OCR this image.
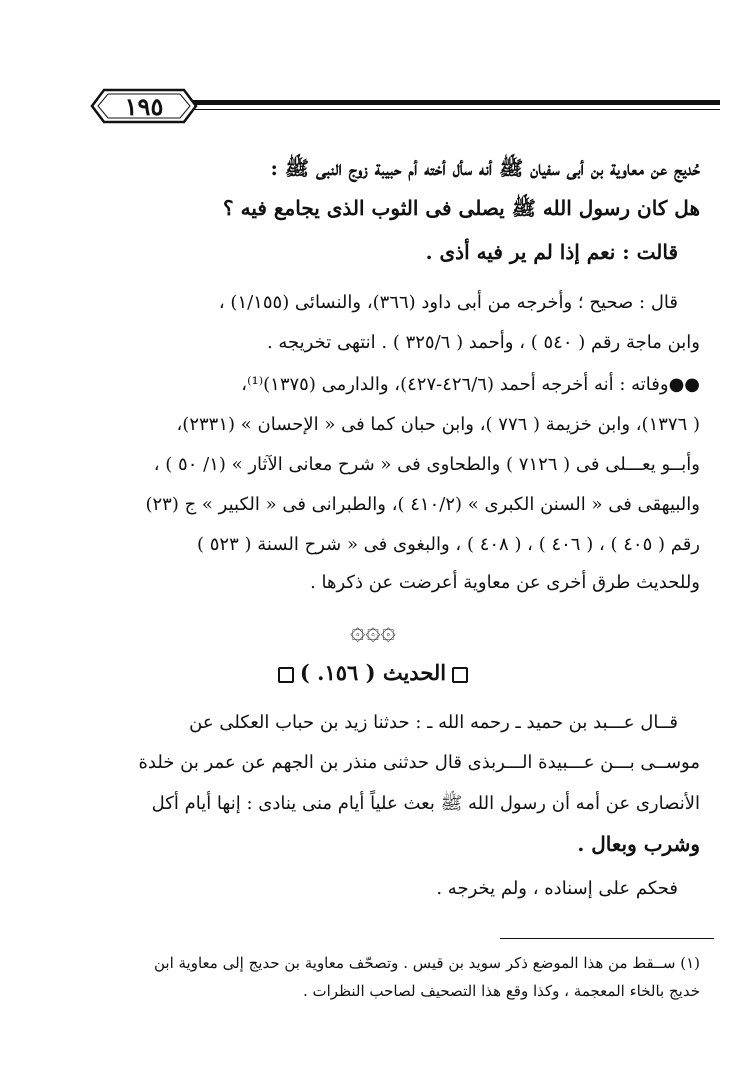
١٩٥
حُديج عن معاوية بن أبى سفيان ﷺ أنه سأل أخته أم حبيبة زوج النبى ﷺ :
هل كان رسول الله ﷺ يصلى فى الثوب الذى يجامع فيه ؟
قالت : نعم إذا لم ير فيه أذى .
قال : صحيح ؛ وأخرجه من أبى داود (٣٦٦)، والنسائى (١/١٥٥) ،
وابن ماجة رقم ( ٥٤٠ ) ، وأحمد ( ٣٢٥/٦ ) . انتهى تخريجه .
●●وفاته : أنه أخرجه أحمد (٤٢٦/٦-٤٢٧)، والدارمى (١٣٧٥)⁽¹⁾،
( ١٣٧٦)، وابن خزيمة ( ٧٧٦ )، وابن حبان كما فى « الإحسان » (٢٣٣١)،
وأبــو يعـــلى فى ( ٧١٢٦ ) والطحاوى فى « شرح معانى الآثار » (١/ ٥٠ ) ،
والبيهقى فى « السنن الكبرى » (٤١٠/٢ )، والطبرانى فى « الكبير » ج (٢٣)
رقم ( ٤٠٥ ) ، ( ٤٠٦ ) ، ( ٤٠٨ ) ، والبغوى فى « شرح السنة ( ٥٢٣ )
وللحديث طرق أخرى عن معاوية أعرضت عن ذكرها .
۞۞۞
الحديث ( ١٥٦. )
قــال عـــبد بن حميد ـ رحمه الله ـ : حدثنا زيد بن حباب العكلى عن
موســى بـــن عـــبيدة الـــربذى قال حدثنى منذر بن الجهم عن عمر بن خلدة
الأنصارى عن أمه أن رسول الله ﷺ بعث علياً أيام منى ينادى : إنها أيام أكل
وشرب وبعال .
فحكم على إسناده ، ولم يخرجه .
(١) ســقط من هذا الموضع ذكر سويد بن قيس . وتصحّف معاوية بن حديج إلى معاوية ابن
خديج بالخاء المعجمة ، وكذا وقع هذا التصحيف لصاحب النظرات .
